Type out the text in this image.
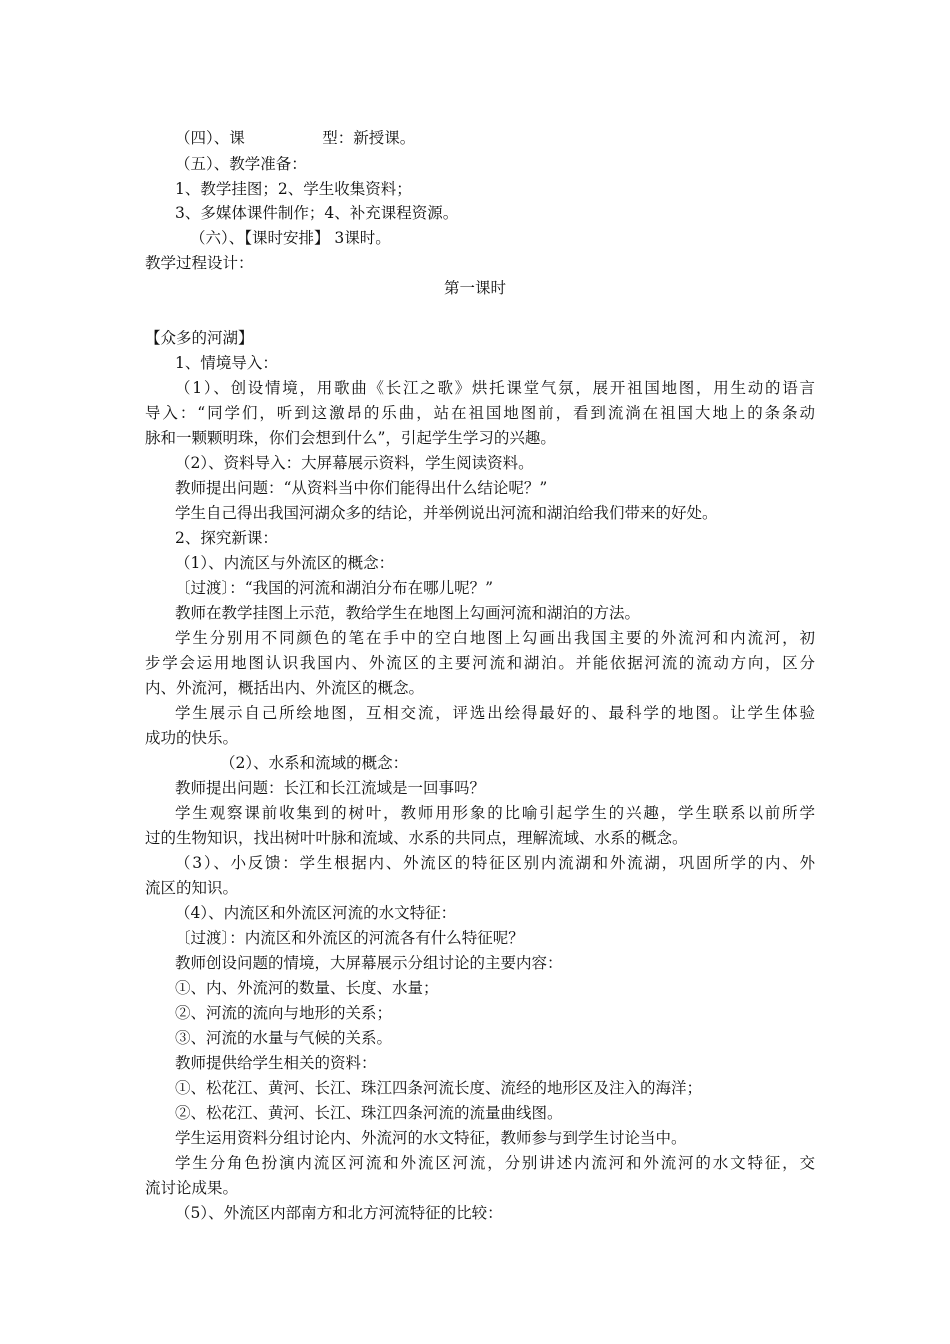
（四）、课　　　　　型：新授课。
（五）、教学准备：
1、教学挂图；2、学生收集资料；
3、多媒体课件制作；4、补充课程资源。
（六）、【课时安排】 3课时。
教学过程设计：
第一课时
【众多的河湖】
1、情境导入：
（1）、创设情境，用歌曲《长江之歌》烘托课堂气氛，展开祖国地图，用生动的语言
导入：“同学们，听到这激昂的乐曲，站在祖国地图前，看到流淌在祖国大地上的条条动
脉和一颗颗明珠，你们会想到什么”，引起学生学习的兴趣。
（2）、资料导入：大屏幕展示资料，学生阅读资料。
教师提出问题：“从资料当中你们能得出什么结论呢？”
学生自己得出我国河湖众多的结论，并举例说出河流和湖泊给我们带来的好处。
2、探究新课：
（1）、内流区与外流区的概念：
〔过渡〕：“我国的河流和湖泊分布在哪儿呢？”
教师在教学挂图上示范，教给学生在地图上勾画河流和湖泊的方法。
学生分别用不同颜色的笔在手中的空白地图上勾画出我国主要的外流河和内流河，初
步学会运用地图认识我国内、外流区的主要河流和湖泊。并能依据河流的流动方向，区分
内、外流河，概括出内、外流区的概念。
学生展示自己所绘地图，互相交流，评选出绘得最好的、最科学的地图。让学生体验
成功的快乐。
（2）、水系和流域的概念：
教师提出问题：长江和长江流域是一回事吗？
学生观察课前收集到的树叶，教师用形象的比喻引起学生的兴趣，学生联系以前所学
过的生物知识，找出树叶叶脉和流域、水系的共同点，理解流域、水系的概念。
（3）、小反馈：学生根据内、外流区的特征区别内流湖和外流湖，巩固所学的内、外
流区的知识。
（4）、内流区和外流区河流的水文特征：
〔过渡〕：内流区和外流区的河流各有什么特征呢？
教师创设问题的情境，大屏幕展示分组讨论的主要内容：
①、内、外流河的数量、长度、水量；
②、河流的流向与地形的关系；
③、河流的水量与气候的关系。
教师提供给学生相关的资料：
①、松花江、黄河、长江、珠江四条河流长度、流经的地形区及注入的海洋；
②、松花江、黄河、长江、珠江四条河流的流量曲线图。
学生运用资料分组讨论内、外流河的水文特征，教师参与到学生讨论当中。
学生分角色扮演内流区河流和外流区河流，分别讲述内流河和外流河的水文特征，交
流讨论成果。
（5）、外流区内部南方和北方河流特征的比较：
